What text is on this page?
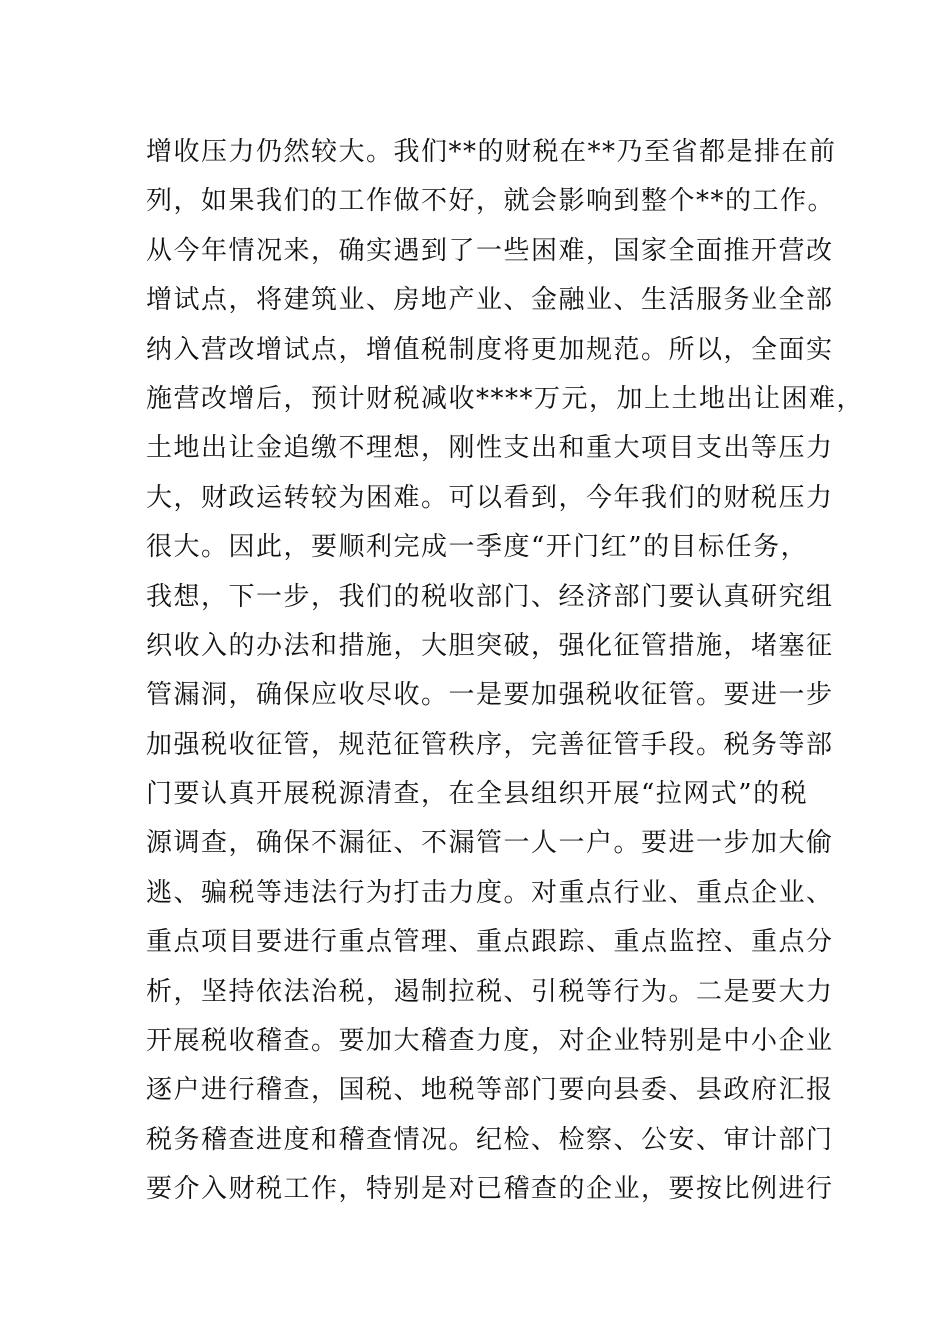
增收压力仍然较大。我们**的财税在**乃至省都是排在前
列，如果我们的工作做不好，就会影响到整个**的工作。
从今年情况来，确实遇到了一些困难，国家全面推开营改
增试点，将建筑业、房地产业、金融业、生活服务业全部
纳入营改增试点，增值税制度将更加规范。所以，全面实
施营改增后，预计财税减收****万元，加上土地出让困难，
土地出让金追缴不理想，刚性支出和重大项目支出等压力
大，财政运转较为困难。可以看到，今年我们的财税压力
很大。因此，要顺利完成一季度“开门红”的目标任务，
我想，下一步，我们的税收部门、经济部门要认真研究组
织收入的办法和措施，大胆突破，强化征管措施，堵塞征
管漏洞，确保应收尽收。一是要加强税收征管。要进一步
加强税收征管，规范征管秩序，完善征管手段。税务等部
门要认真开展税源清查，在全县组织开展“拉网式”的税
源调查，确保不漏征、不漏管一人一户。要进一步加大偷
逃、骗税等违法行为打击力度。对重点行业、重点企业、
重点项目要进行重点管理、重点跟踪、重点监控、重点分
析，坚持依法治税，遏制拉税、引税等行为。二是要大力
开展税收稽查。要加大稽查力度，对企业特别是中小企业
逐户进行稽查，国税、地税等部门要向县委、县政府汇报
税务稽查进度和稽查情况。纪检、检察、公安、审计部门
要介入财税工作，特别是对已稽查的企业，要按比例进行
